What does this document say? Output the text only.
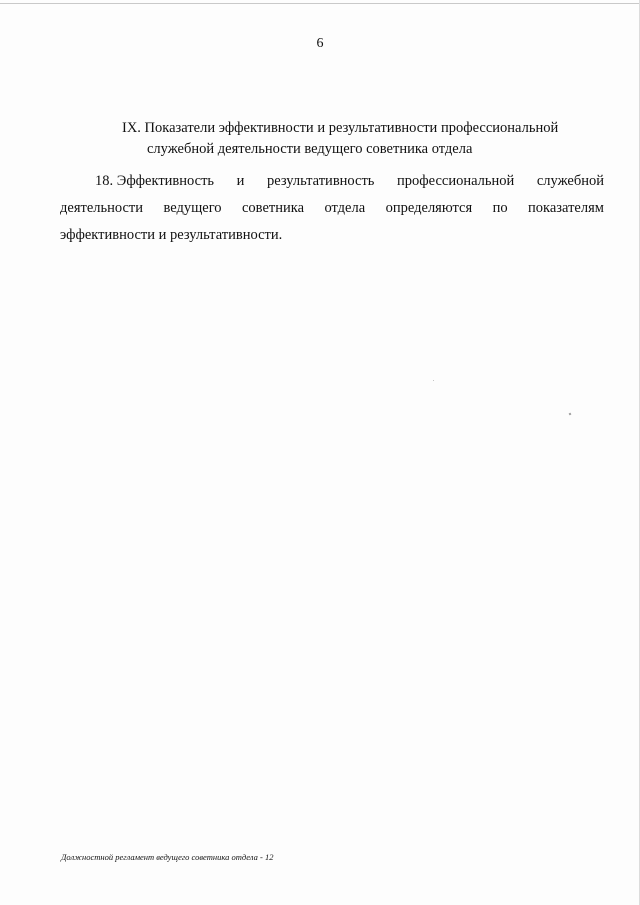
6
IX. Показатели эффективности и результативности профессиональной
служебной деятельности ведущего советника отдела
18. Эффективность и результативность профессиональной служебной
деятельности ведущего советника отдела определяются по показателям
эффективности и результативности.
Должностной регламент ведущего советника отдела - 12
